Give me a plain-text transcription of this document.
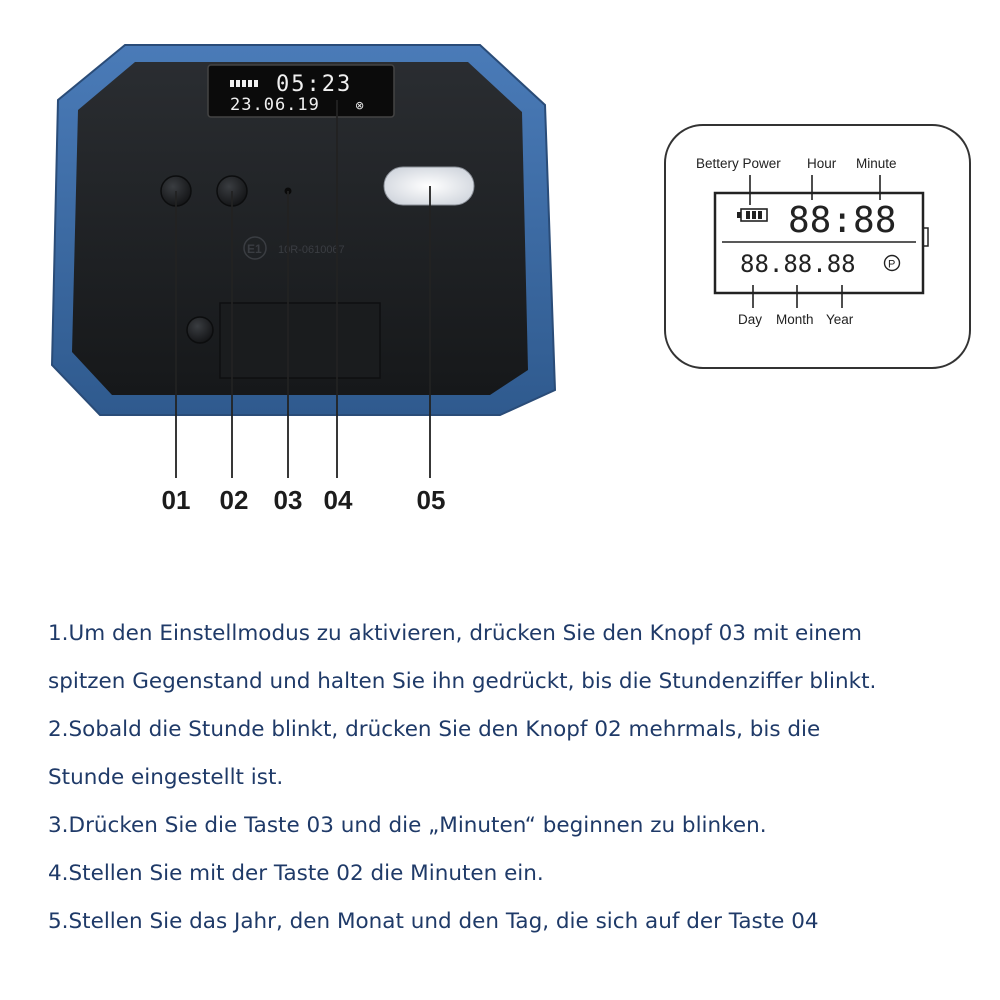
05:23
23.06.19	⊗
E1 10R-0610067
01 02 03 04 05
Bettery Power Hour Minute
88:88
88.88.88	P
Day Month Year
1.Um den Einstellmodus zu aktivieren, drücken Sie den Knopf 03 mit einem
spitzen Gegenstand und halten Sie ihn gedrückt, bis die Stundenziffer blinkt.
2.Sobald die Stunde blinkt, drücken Sie den Knopf 02 mehrmals, bis die
Stunde eingestellt ist.
3.Drücken Sie die Taste 03 und die „Minuten“ beginnen zu blinken.
4.Stellen Sie mit der Taste 02 die Minuten ein.
5.Stellen Sie das Jahr, den Monat und den Tag, die sich auf der Taste 04
